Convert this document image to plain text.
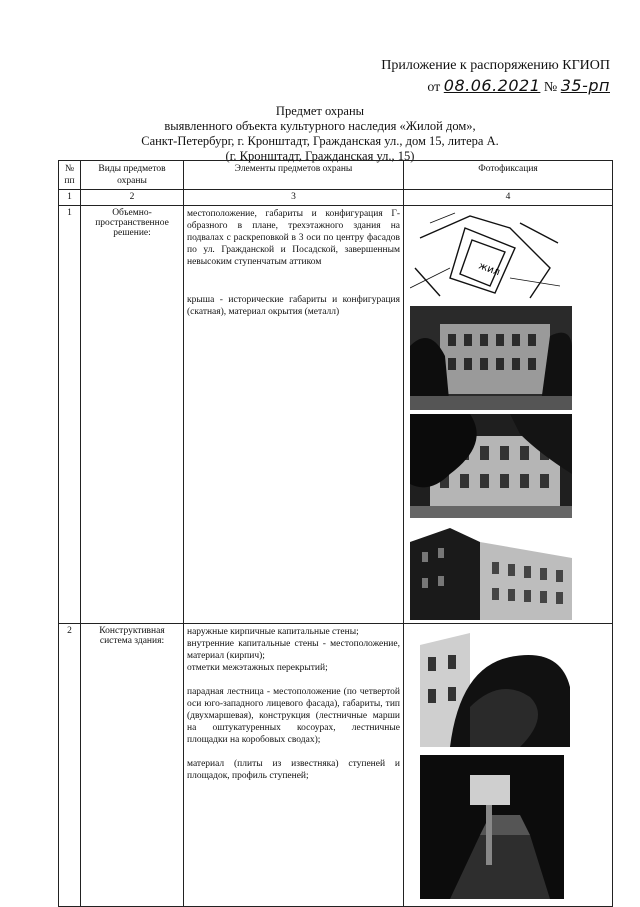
Приложение к распоряжению КГИОП
от 08.06.2021 № 35-рп
Предмет охраны
выявленного объекта культурного наследия «Жилой дом»,
Санкт-Петербург, г. Кронштадт, Гражданская ул., дом 15, литера А.
(г. Кронштадт, Гражданская ул., 15)
№ пп	Виды предметов охраны	Элементы предметов охраны	Фотофиксация
1	2	3	4
1	Объемно-пространственное решение:	местоположение, габариты и конфигурация Г-образного в плане, трехэтажного здания на подвалах с раскреповкой в 3 оси по центру фасадов по ул. Гражданской и Посадской, завершенным невысоким ступенчатым аттиком

крыша - исторические габариты и конфигурация (скатная), материал окрытия (металл)	жил

2	Конструктивная система здания:	наружные кирпичные капитальные стены;

внутренние капитальные стены - местоположение, материал (кирпич);

отметки межэтажных перекрытий;

парадная лестница - местоположение (по четвертой оси юго-западного лицевого фасада), габариты, тип (двухмаршевая), конструкция (лестничные марши на оштукатуренных косоурах, лестничные площадки на коробовых сводах);

материал (плиты из известняка) ступеней и площадок, профиль ступеней;
